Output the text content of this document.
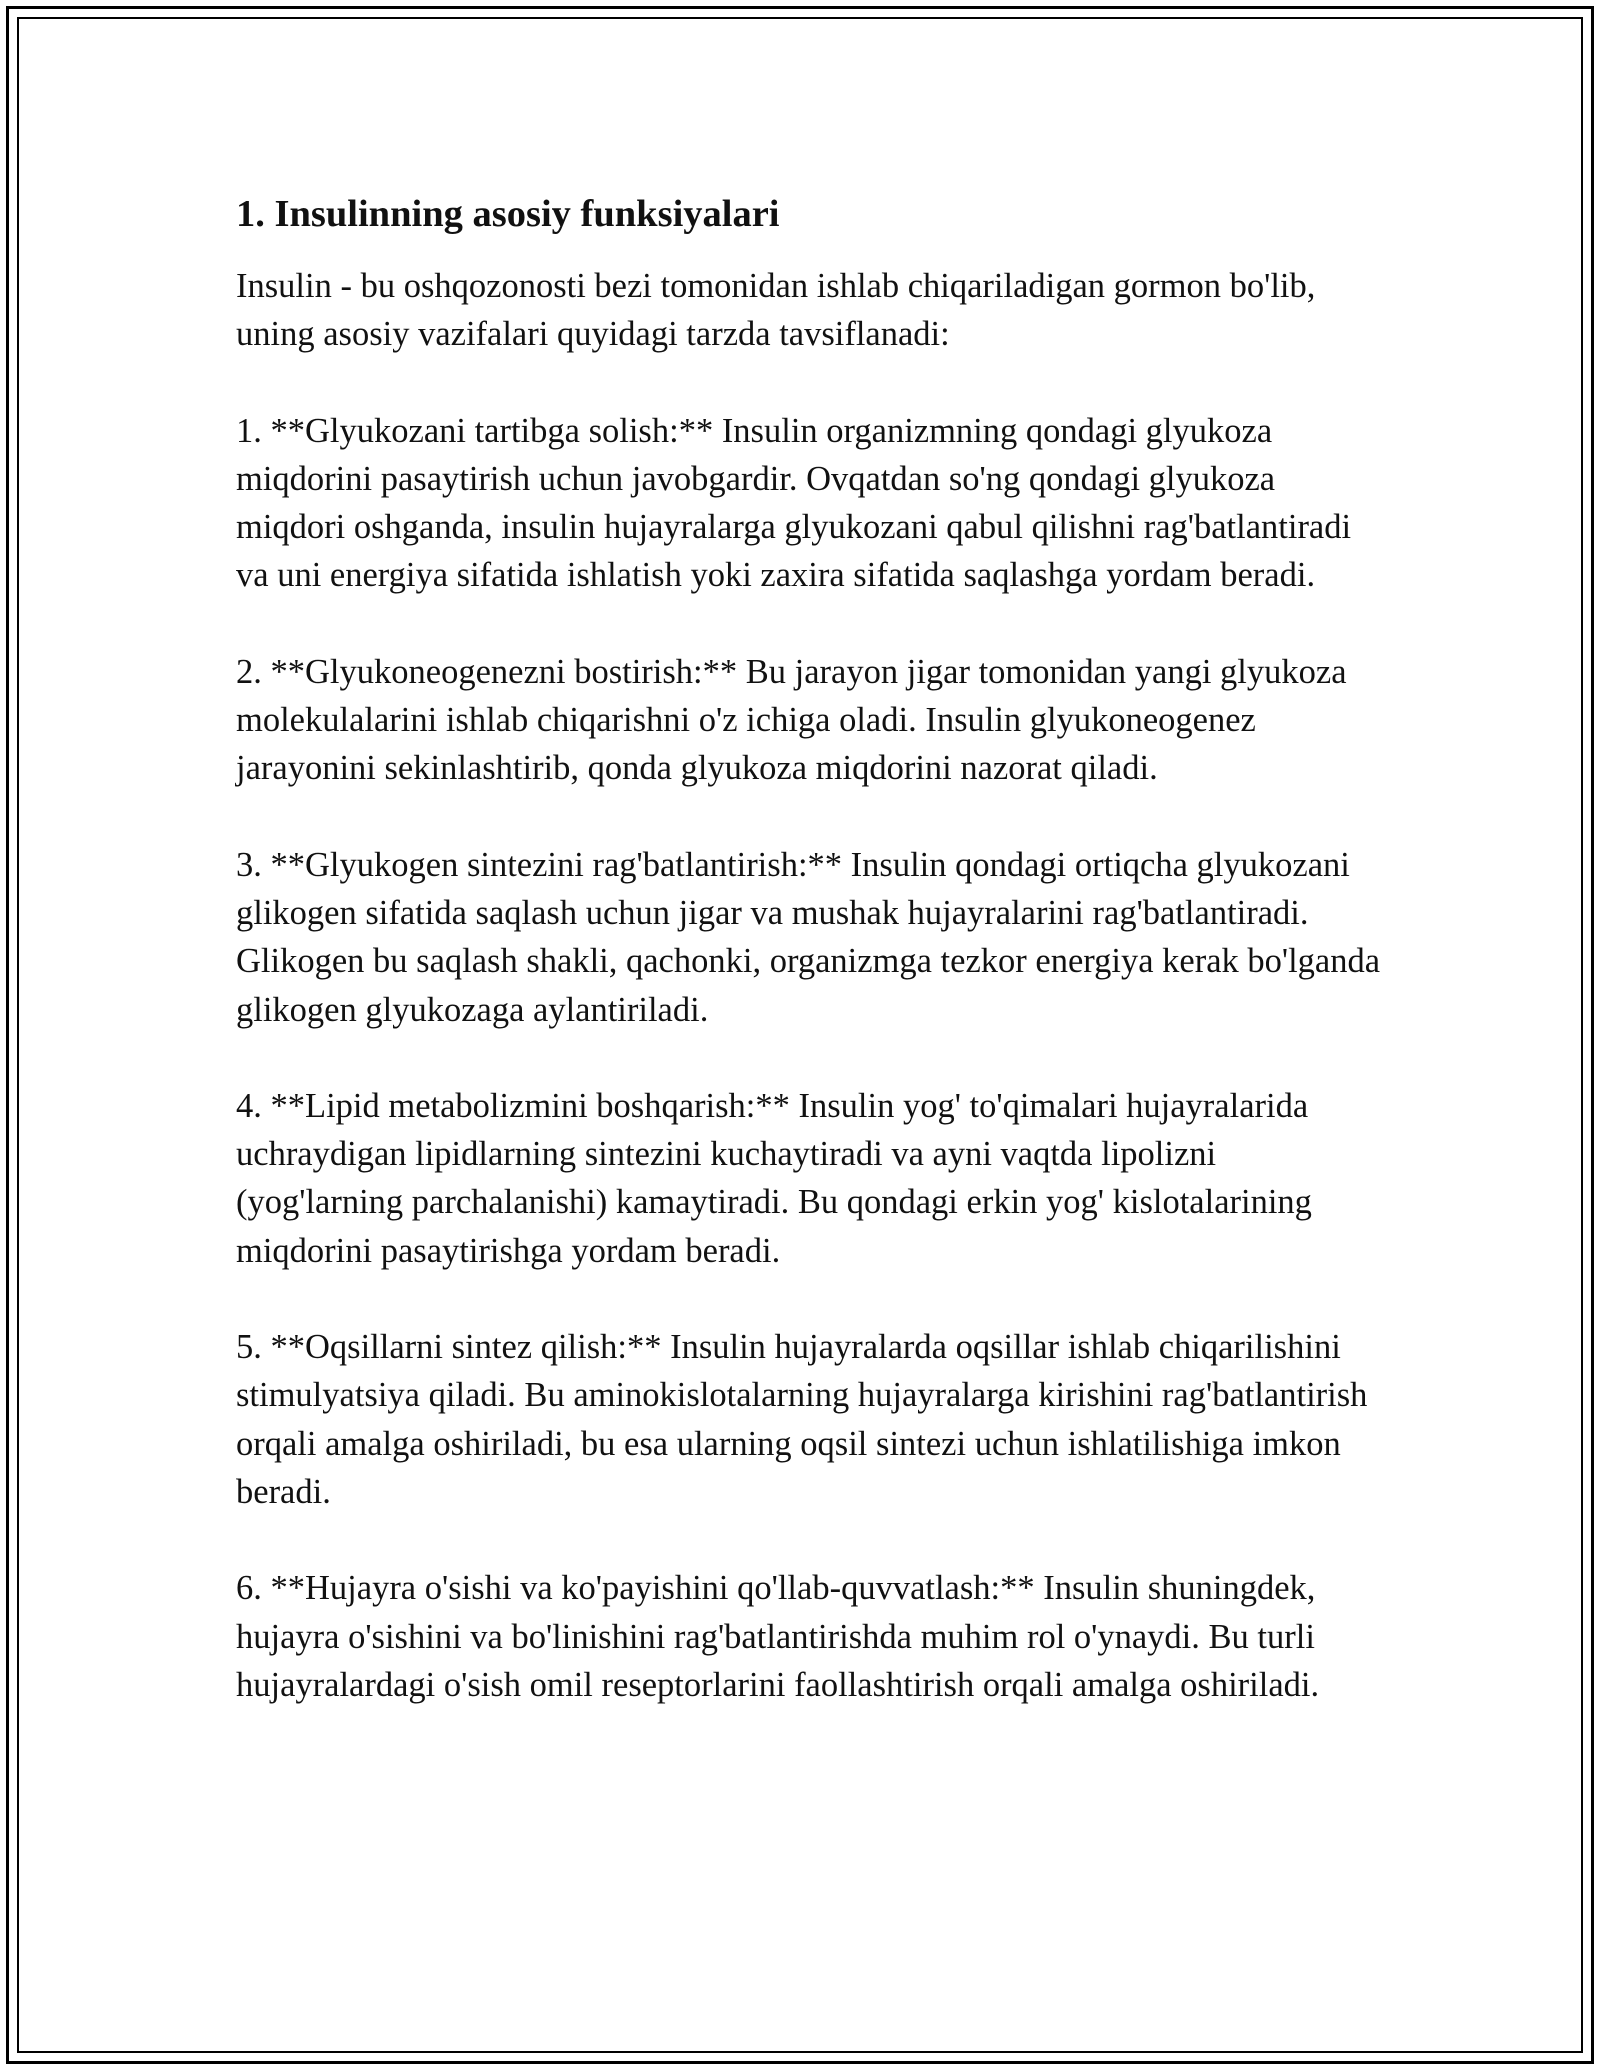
1. Insulinning asosiy funksiyalari

Insulin - bu oshqozonosti bezi tomonidan ishlab chiqariladigan gormon bo'lib, uning asosiy vazifalari quyidagi tarzda tavsiflanadi:

1. **Glyukozani tartibga solish:** Insulin organizmning qondagi glyukoza miqdorini pasaytirish uchun javobgardir. Ovqatdan so'ng qondagi glyukoza miqdori oshganda, insulin hujayralarga glyukozani qabul qilishni rag'batlantiradi va uni energiya sifatida ishlatish yoki zaxira sifatida saqlashga yordam beradi.

2. **Glyukoneogenezni bostirish:** Bu jarayon jigar tomonidan yangi glyukoza molekulalarini ishlab chiqarishni o'z ichiga oladi. Insulin glyukoneogenez jarayonini sekinlashtirib, qonda glyukoza miqdorini nazorat qiladi.

3. **Glyukogen sintezini rag'batlantirish:** Insulin qondagi ortiqcha glyukozani glikogen sifatida saqlash uchun jigar va mushak hujayralarini rag'batlantiradi. Glikogen bu saqlash shakli, qachonki, organizmga tezkor energiya kerak bo'lganda glikogen glyukozaga aylantiriladi.

4. **Lipid metabolizmini boshqarish:** Insulin yog' to'qimalari hujayralarida uchraydigan lipidlarning sintezini kuchaytiradi va ayni vaqtda lipolizni (yog'larning parchalanishi) kamaytiradi. Bu qondagi erkin yog' kislotalarining miqdorini pasaytirishga yordam beradi.

5. **Oqsillarni sintez qilish:** Insulin hujayralarda oqsillar ishlab chiqarilishini stimulyatsiya qiladi. Bu aminokislotalarning hujayralarga kirishini rag'batlantirish orqali amalga oshiriladi, bu esa ularning oqsil sintezi uchun ishlatilishiga imkon beradi.

6. **Hujayra o'sishi va ko'payishini qo'llab-quvvatlash:** Insulin shuningdek, hujayra o'sishini va bo'linishini rag'batlantirishda muhim rol o'ynaydi. Bu turli hujayralardagi o'sish omil reseptorlarini faollashtirish orqali amalga oshiriladi.
